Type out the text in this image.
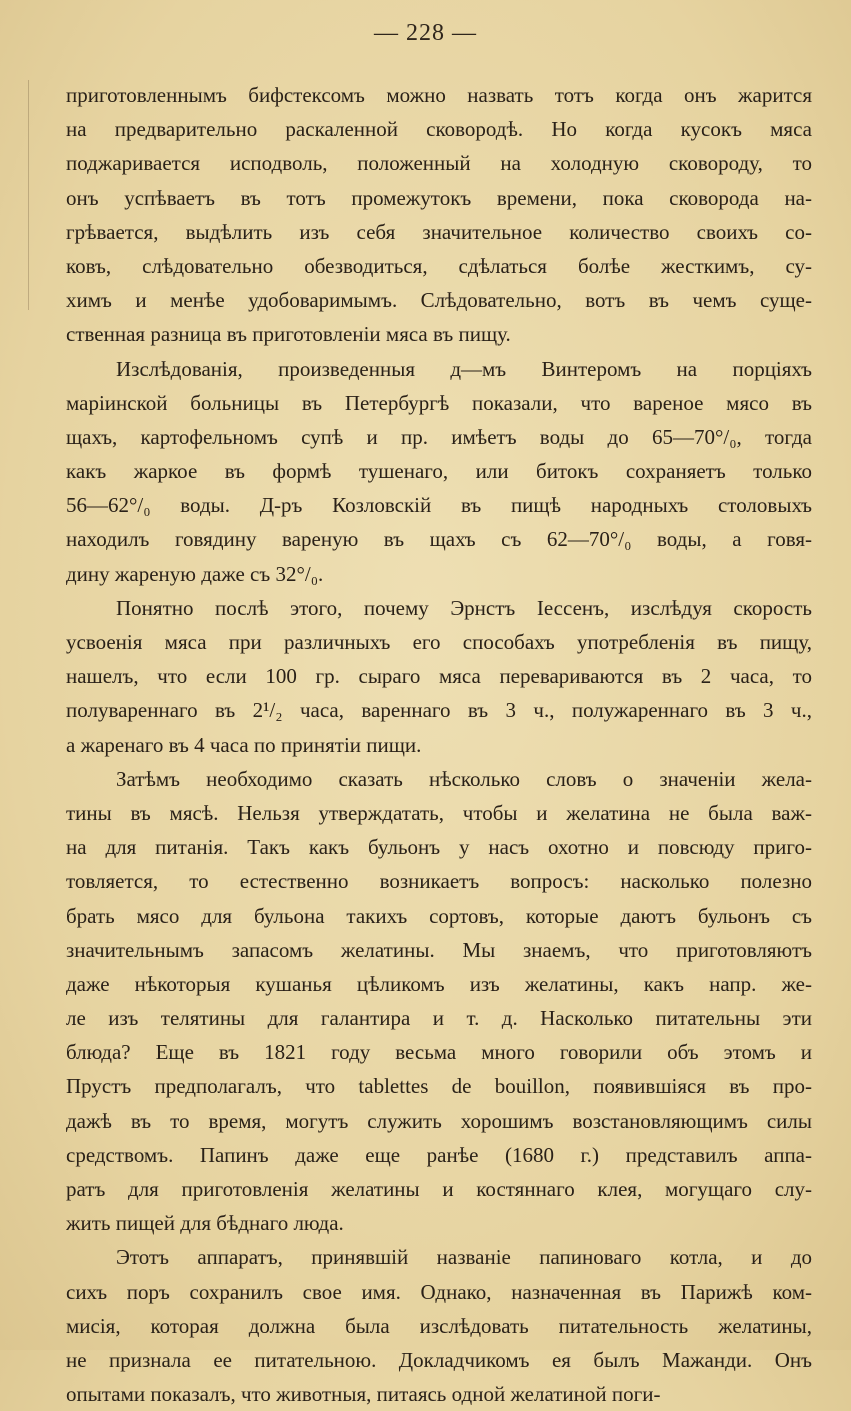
— 228 —
приготовленнымъ бифстексомъ можно назвать тотъ когда онъ жарится
на предварительно раскаленной сковородѣ. Но когда кусокъ мяса
поджаривается исподволь, положенный на холодную сковороду, то
онъ успѣваетъ въ тотъ промежутокъ времени, пока сковорода на-
грѣвается, выдѣлить изъ себя значительное количество своихъ со-
ковъ, слѣдовательно обезводиться, сдѣлаться болѣе жесткимъ, су-
химъ и менѣе удобоваримымъ. Слѣдовательно, вотъ въ чемъ суще-
ственная разница въ приготовленіи мяса въ пищу.
Изслѣдованія, произведенныя д—мъ Винтеромъ на порціяхъ
маріинской больницы въ Петербургѣ показали, что вареное мясо въ
щахъ, картофельномъ супѣ и пр. имѣетъ воды до 65—70°/₀, тогда
какъ жаркое въ формѣ тушенаго, или битокъ сохраняетъ только
56—62°/₀ воды. Д-ръ Козловскій въ пищѣ народныхъ столовыхъ
находилъ говядину вареную въ щахъ съ 62—70°/₀ воды, а говя-
дину жареную даже съ 32°/₀.
Понятно послѣ этого, почему Эрнстъ Іессенъ, изслѣдуя скорость
усвоенія мяса при различныхъ его способахъ употребленія въ пищу,
нашелъ, что если 100 гр. сыраго мяса перевариваются въ 2 часа, то
полувареннаго въ 2¹/₂ часа, вареннаго въ 3 ч., полужареннаго въ 3 ч.,
а жаренаго въ 4 часа по принятіи пищи.
Затѣмъ необходимо сказать нѣсколько словъ о значеніи жела-
тины въ мясѣ. Нельзя утверждатать, чтобы и желатина не была важ-
на для питанія. Такъ какъ бульонъ у насъ охотно и повсюду приго-
товляется, то естественно возникаетъ вопросъ: насколько полезно
брать мясо для бульона такихъ сортовъ, которые даютъ бульонъ съ
значительнымъ запасомъ желатины. Мы знаемъ, что приготовляютъ
даже нѣкоторыя кушанья цѣликомъ изъ желатины, какъ напр. же-
ле изъ телятины для галантира и т. д. Насколько питательны эти
блюда? Еще въ 1821 году весьма много говорили объ этомъ и
Прустъ предполагалъ, что tablettes de bouillon, появившіяся въ про-
дажѣ въ то время, могутъ служить хорошимъ возстановляющимъ силы
средствомъ. Папинъ даже еще ранѣе (1680 г.) представилъ аппа-
ратъ для приготовленія желатины и костяннаго клея, могущаго слу-
жить пищей для бѣднаго люда.
Этотъ аппаратъ, принявшій названіе папиноваго котла, и до
сихъ поръ сохранилъ свое имя. Однако, назначенная въ Парижѣ ком-
мисія, которая должна была изслѣдовать питательность желатины,
не признала ее питательною. Докладчикомъ ея былъ Мажанди. Онъ
опытами показалъ, что животныя, питаясь одной желатиной поги-
